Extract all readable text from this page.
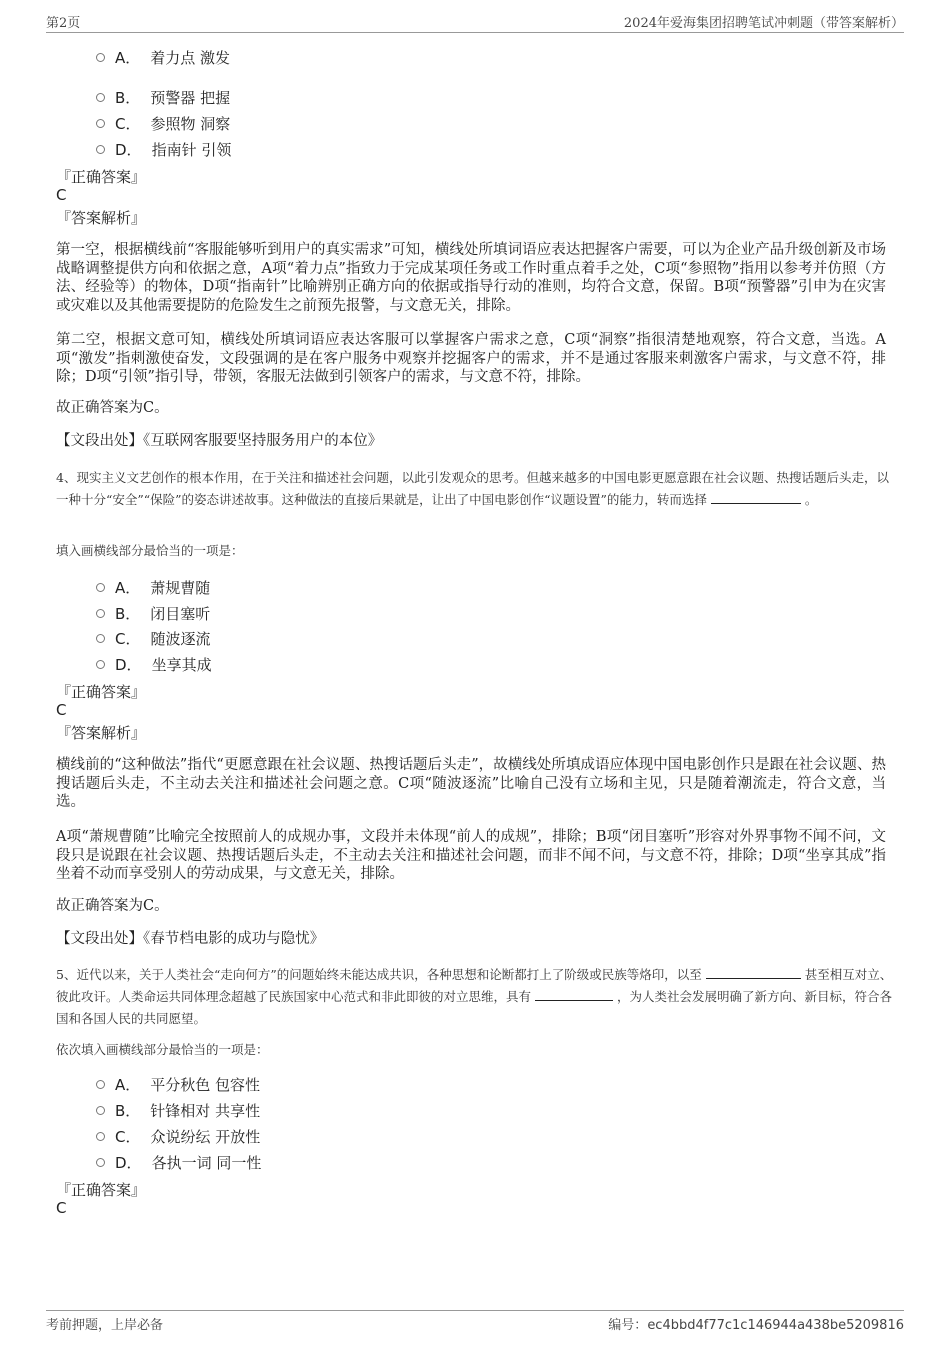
第2页	2024年爱海集团招聘笔试冲刺题（带答案解析）
A． 着力点 激发
B． 预警器 把握
C． 参照物 洞察
D． 指南针 引领
『正确答案』
C
『答案解析』

第一空，根据横线前“客服能够听到用户的真实需求”可知，横线处所填词语应表达把握客户需要，可以为企业产品升级创新及市场战略调整提供方向和依据之意，A项“着力点”指致力于完成某项任务或工作时重点着手之处，C项“参照物”指用以参考并仿照（方法、经验等）的物体，D项“指南针”比喻辨别正确方向的依据或指导行动的准则，均符合文意，保留。B项“预警器”引申为在灾害或灾难以及其他需要提防的危险发生之前预先报警，与文意无关，排除。

第二空，根据文意可知，横线处所填词语应表达客服可以掌握客户需求之意，C项“洞察”指很清楚地观察，符合文意，当选。A项“激发”指刺激使奋发，文段强调的是在客户服务中观察并挖掘客户的需求，并不是通过客服来刺激客户需求，与文意不符，排除；D项“引领”指引导，带领，客服无法做到引领客户的需求，与文意不符，排除。

故正确答案为C。

【文段出处】《互联网客服要坚持服务用户的本位》

4、现实主义文艺创作的根本作用，在于关注和描述社会问题，以此引发观众的思考。但越来越多的中国电影更愿意跟在社会议题、热搜话题后头走，以一种十分“安全”“保险”的姿态讲述故事。这种做法的直接后果就是，让出了中国电影创作“议题设置”的能力，转而选择	。

填入画横线部分最恰当的一项是：
A． 萧规曹随
B． 闭目塞听
C． 随波逐流
D． 坐享其成
『正确答案』
C
『答案解析』

横线前的“这种做法”指代“更愿意跟在社会议题、热搜话题后头走”，故横线处所填成语应体现中国电影创作只是跟在社会议题、热搜话题后头走，不主动去关注和描述社会问题之意。C项“随波逐流”比喻自己没有立场和主见，只是随着潮流走，符合文意，当选。

A项“萧规曹随”比喻完全按照前人的成规办事，文段并未体现“前人的成规”，排除；B项“闭目塞听”形容对外界事物不闻不问，文段只是说跟在社会议题、热搜话题后头走，不主动去关注和描述社会问题，而非不闻不问，与文意不符，排除；D项“坐享其成”指坐着不动而享受别人的劳动成果，与文意无关，排除。

故正确答案为C。

【文段出处】《春节档电影的成功与隐忧》

5、近代以来，关于人类社会“走向何方”的问题始终未能达成共识，各种思想和论断都打上了阶级或民族等烙印，以至	甚至相互对立、彼此攻讦。人类命运共同体理念超越了民族国家中心范式和非此即彼的对立思维，具有	，为人类社会发展明确了新方向、新目标，符合各国和各国人民的共同愿望。

依次填入画横线部分最恰当的一项是：
A． 平分秋色 包容性
B． 针锋相对 共享性
C． 众说纷纭 开放性
D． 各执一词 同一性
『正确答案』
C
考前押题，上岸必备	编号：ec4bbd4f77c1c146944a438be5209816
